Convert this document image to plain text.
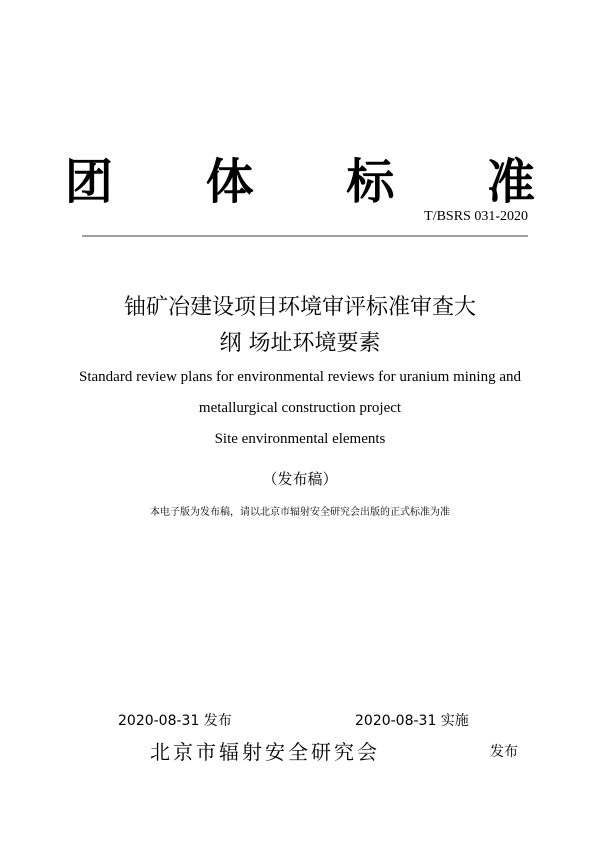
团 体 标 准
T/BSRS 031-2020
铀矿冶建设项目环境审评标准审查大
纲 场址环境要素
Standard review plans for environmental reviews for uranium mining and
metallurgical construction project
Site environmental elements
（发布稿）
本电子版为发布稿，请以北京市辐射安全研究会出版的正式标准为准
2020-08-31 发布	2020-08-31 实施
北京市辐射安全研究会	发布
